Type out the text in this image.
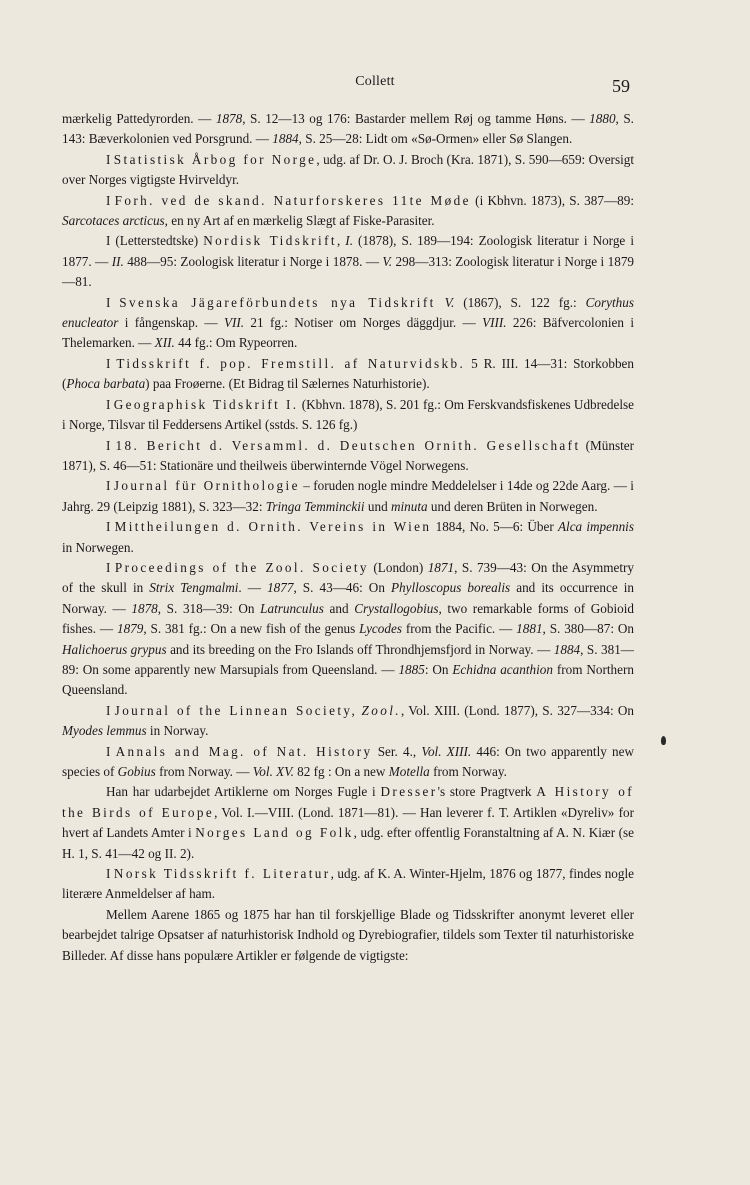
Collett	59

mærkelig Pattedyrorden. — 1878, S. 12—13 og 176: Bastarder mellem Røj og tamme Høns. — 1880, S. 143: Bæverkolonien ved Porsgrund. — 1884, S. 25—28: Lidt om «Sø-Ormen» eller Sø Slangen.

I Statistisk Årbog for Norge, udg. af Dr. O. J. Broch (Kra. 1871), S. 590—659: Oversigt over Norges vigtigste Hvirveldyr.

I Forh. ved de skand. Naturforskeres 11te Møde (i Kbhvn. 1873), S. 387—89: Sarcotaces arcticus, en ny Art af en mærkelig Slægt af Fiske-Parasiter.

I (Letterstedtske) Nordisk Tidskrift, I. (1878), S. 189—194: Zoologisk literatur i Norge i 1877. — II. 488—95: Zoologisk literatur i Norge i 1878. — V. 298—313: Zoologisk literatur i Norge i 1879—81.

I Svenska Jägareförbundets nya Tidskrift V. (1867), S. 122 fg.: Corythus enucleator i fångenskap. — VII. 21 fg.: Notiser om Norges däggdjur. — VIII. 226: Bäfvercolonien i Thelemarken. — XII. 44 fg.: Om Rypeorren.

I Tidsskrift f. pop. Fremstill. af Naturvidskb. 5 R. III. 14—31: Storkobben (Phoca barbata) paa Froøerne. (Et Bidrag til Sælernes Naturhistorie).

I Geographisk Tidskrift I. (Kbhvn. 1878), S. 201 fg.: Om Ferskvandsfiskenes Udbredelse i Norge, Tilsvar til Feddersens Artikel (sstds. S. 126 fg.)

I 18. Bericht d. Versamml. d. Deutschen Ornith. Gesellschaft (Münster 1871), S. 46—51: Stationäre und theilweis überwinternde Vögel Norwegens.

I Journal für Ornithologie – foruden nogle mindre Meddelelser i 14de og 22de Aarg. — i Jahrg. 29 (Leipzig 1881), S. 323—32: Tringa Temminckii und minuta und deren Brüten in Norwegen.

I Mittheilungen d. Ornith. Vereins in Wien 1884, No. 5—6: Über Alca impennis in Norwegen.

I Proceedings of the Zool. Society (London) 1871, S. 739—43: On the Asymmetry of the skull in Strix Tengmalmi. — 1877, S. 43—46: On Phylloscopus borealis and its occurrence in Norway. — 1878, S. 318—39: On Latrunculus and Crystallogobius, two remarkable forms of Gobioid fishes. — 1879, S. 381 fg.: On a new fish of the genus Lycodes from the Pacific. — 1881, S. 380—87: On Halichoerus grypus and its breeding on the Fro Islands off Throndhjemsfjord in Norway. — 1884, S. 381—89: On some apparently new Marsupials from Queensland. — 1885: On Echidna acanthion from Northern Queensland.

I Journal of the Linnean Society, Zool., Vol. XIII. (Lond. 1877), S. 327—334: On Myodes lemmus in Norway.

I Annals and Mag. of Nat. History Ser. 4., Vol. XIII. 446: On two apparently new species of Gobius from Norway. — Vol. XV. 82 fg : On a new Motella from Norway.

Han har udarbejdet Artiklerne om Norges Fugle i Dresser's store Pragtverk A History of the Birds of Europe, Vol. I.—VIII. (Lond. 1871—81). — Han leverer f. T. Artiklen «Dyreliv» for hvert af Landets Amter i Norges Land og Folk, udg. efter offentlig Foranstaltning af A. N. Kiær (se H. 1, S. 41—42 og II. 2).

I Norsk Tidsskrift f. Literatur, udg. af K. A. Winter-Hjelm, 1876 og 1877, findes nogle literære Anmeldelser af ham.

Mellem Aarene 1865 og 1875 har han til forskjellige Blade og Tidsskrifter anonymt leveret eller bearbejdet talrige Opsatser af naturhistorisk Indhold og Dyrebiografier, tildels som Texter til naturhistoriske Billeder. Af disse hans populære Artikler er følgende de vigtigste:
